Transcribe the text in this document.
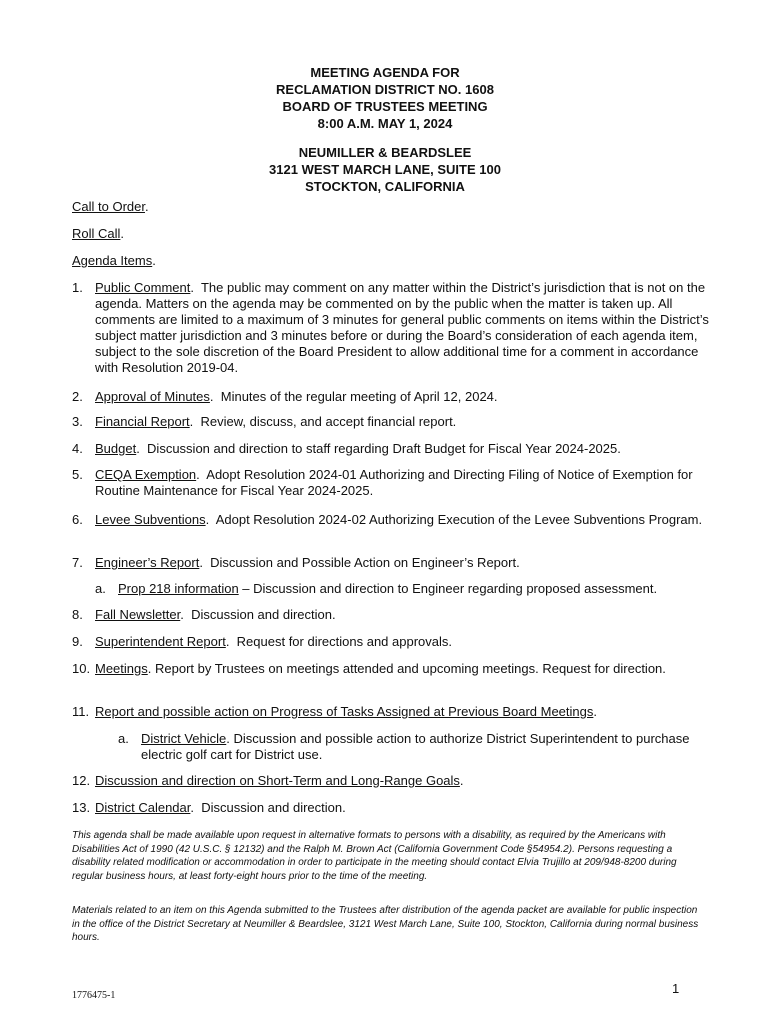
MEETING AGENDA FOR
RECLAMATION DISTRICT NO. 1608
BOARD OF TRUSTEES MEETING
8:00 A.M. MAY 1, 2024
NEUMILLER & BEARDSLEE
3121 WEST MARCH LANE, SUITE 100
STOCKTON, CALIFORNIA
Call to Order.
Roll Call.
Agenda Items.
1. Public Comment.  The public may comment on any matter within the District’s jurisdiction that is not on the agenda. Matters on the agenda may be commented on by the public when the matter is taken up. All comments are limited to a maximum of 3 minutes for general public comments on items within the District’s subject matter jurisdiction and 3 minutes before or during the Board’s consideration of each agenda item, subject to the sole discretion of the Board President to allow additional time for a comment in accordance with Resolution 2019-04.
2. Approval of Minutes.  Minutes of the regular meeting of April 12, 2024.
3. Financial Report.  Review, discuss, and accept financial report.
4. Budget.  Discussion and direction to staff regarding Draft Budget for Fiscal Year 2024-2025.
5. CEQA Exemption.  Adopt Resolution 2024-01 Authorizing and Directing Filing of Notice of Exemption for Routine Maintenance for Fiscal Year 2024-2025.
6. Levee Subventions.  Adopt Resolution 2024-02 Authorizing Execution of the Levee Subventions Program.
7. Engineer’s Report.  Discussion and Possible Action on Engineer’s Report.
a. Prop 218 information – Discussion and direction to Engineer regarding proposed assessment.
8. Fall Newsletter.  Discussion and direction.
9. Superintendent Report.  Request for directions and approvals.
10. Meetings. Report by Trustees on meetings attended and upcoming meetings. Request for direction.
11. Report and possible action on Progress of Tasks Assigned at Previous Board Meetings.
a. District Vehicle. Discussion and possible action to authorize District Superintendent to purchase electric golf cart for District use.
12. Discussion and direction on Short-Term and Long-Range Goals.
13. District Calendar.  Discussion and direction.
This agenda shall be made available upon request in alternative formats to persons with a disability, as required by the Americans with Disabilities Act of 1990 (42 U.S.C. § 12132) and the Ralph M. Brown Act (California Government Code §54954.2). Persons requesting a disability related modification or accommodation in order to participate in the meeting should contact Elvia Trujillo at 209/948-8200 during regular business hours, at least forty-eight hours prior to the time of the meeting.
Materials related to an item on this Agenda submitted to the Trustees after distribution of the agenda packet are available for public inspection in the office of the District Secretary at Neumiller & Beardslee, 3121 West March Lane, Suite 100, Stockton, California during normal business hours.
1
1776475-1
